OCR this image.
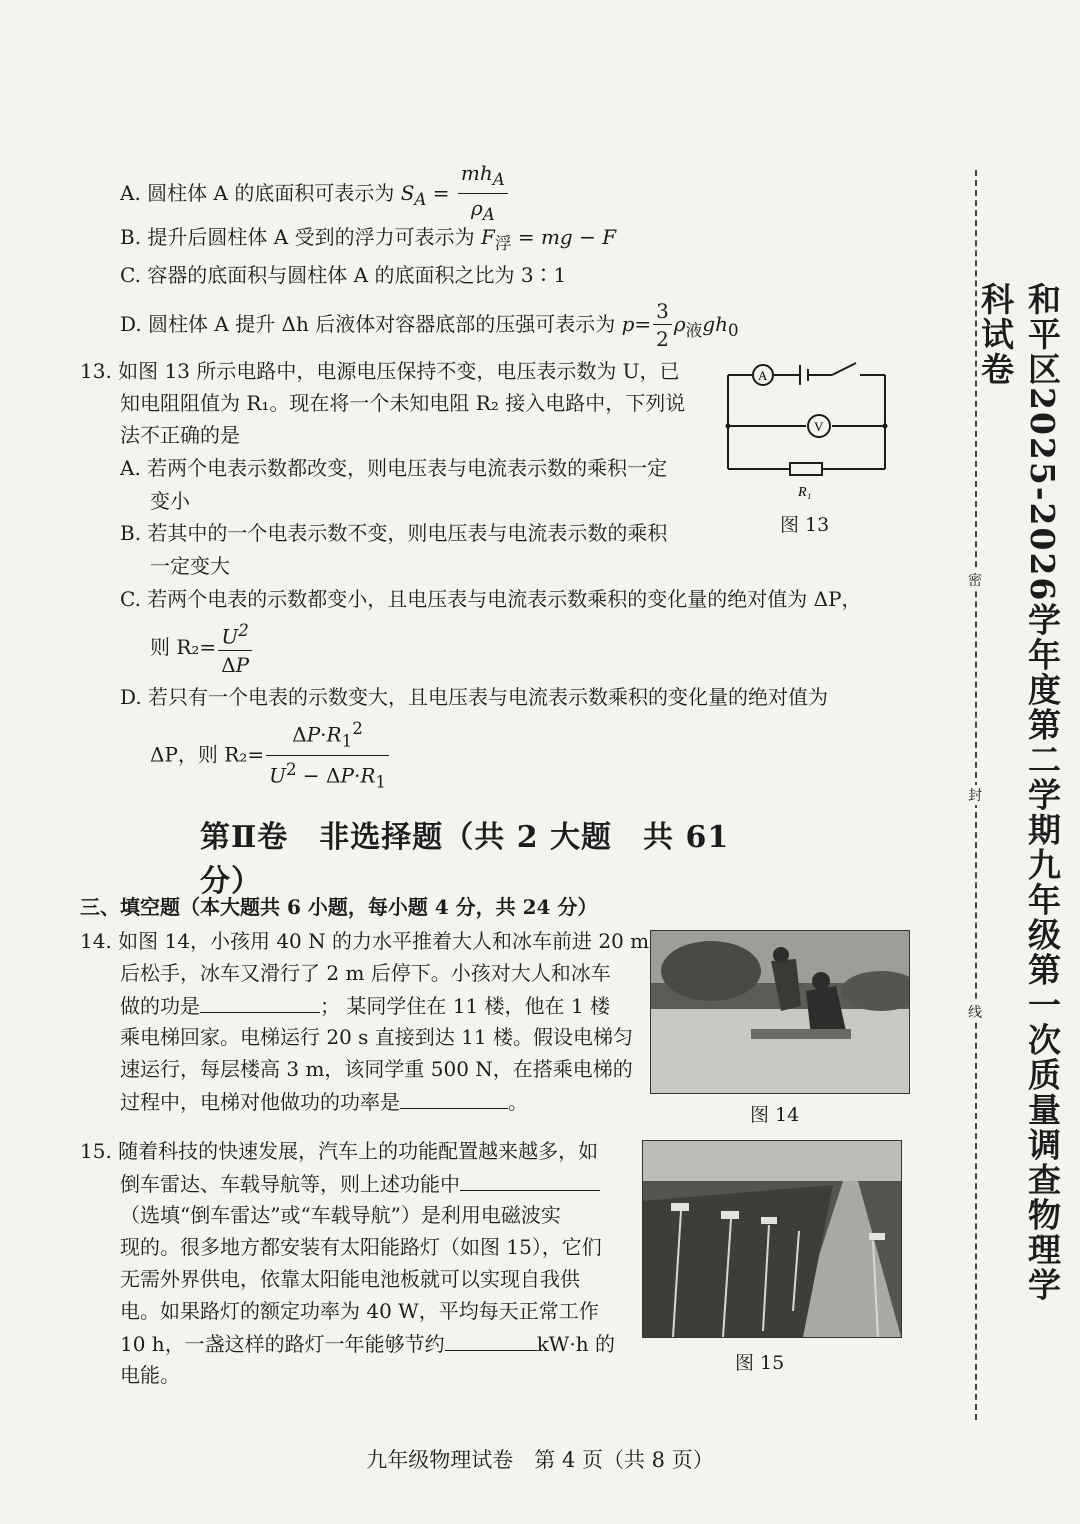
A. 圆柱体 A 的底面积可表示为 $S_A = \frac{mh_A}{\rho_A}$
B. 提升后圆柱体 A 受到的浮力可表示为 $F_浮$ = mg − F
C. 容器的底面积与圆柱体 A 的底面积之比为 3∶1
D. 圆柱体 A 提升 Δh 后液体对容器底部的压强可表示为 $p= \frac{3}{2} \rho_液gh_0$
13. 如图 13 所示电路中，电源电压保持不变，电压表示数为 U，已
知电阻阻值为 R₁。现在将一个未知电阻 R₂ 接入电路中，下列说
法不正确的是
A. 若两个电表示数都改变，则电压表与电流表示数的乘积一定
变小
B. 若其中的一个电表示数不变，则电压表与电流表示数的乘积
一定变大
C. 若两个电表的示数都变小，且电压表与电流表示数乘积的变化量的绝对值为 ΔP，
则 $R_2= \frac{U^2}{\Delta P}$
D. 若只有一个电表的示数变大，且电压表与电流表示数乘积的变化量的绝对值为
ΔP，则 $R_2= \frac{\Delta P\cdot R_1^2}{U^2 - \Delta P\cdot R_1}$
A
V
R₁
图 13
第Ⅱ卷　非选择题（共 2 大题　共 61 分）
三、填空题（本大题共 6 小题，每小题 4 分，共 24 分）
14. 如图 14，小孩用 40 N 的力水平推着大人和冰车前进 20 m
后松手，冰车又滑行了 2 m 后停下。小孩对大人和冰车
做的功是	； 某同学住在 11 楼，他在 1 楼
乘电梯回家。电梯运行 20 s 直接到达 11 楼。假设电梯匀
速运行，每层楼高 3 m，该同学重 500 N，在搭乘电梯的
过程中，电梯对他做功的功率是	。
图 14
15. 随着科技的快速发展，汽车上的功能配置越来越多，如
倒车雷达、车载导航等，则上述功能中
（选填“倒车雷达”或“车载导航”）是利用电磁波实
现的。很多地方都安装有太阳能路灯（如图 15），它们
无需外界供电，依靠太阳能电池板就可以实现自我供
电。如果路灯的额定功率为 40 W，平均每天正常工作
10 h，一盏这样的路灯一年能够节约	kW·h 的
电能。	图 15
密
封
线 和平区2025-2026学年度第二学期九年级第一次质量调查物理学科试卷
九年级物理试卷　第 4 页（共 8 页）
